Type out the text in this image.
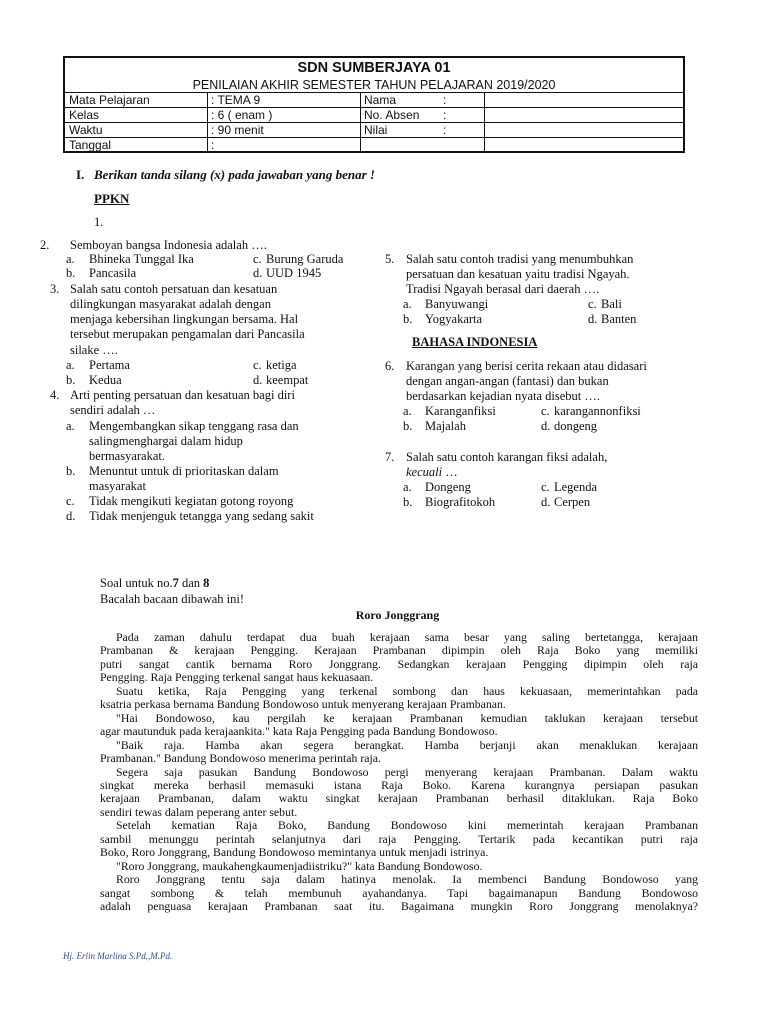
SDN SUMBERJAYA 01
PENILAIAN AKHIR SEMESTER TAHUN PELAJARAN 2019/2020
Mata Pelajaran	: TEMA 9	Nama	:
Kelas	: 6 ( enam )	No. Absen :
Waktu	: 90 menit	Nilai	:
Tanggal	:
I. Berikan tanda silang (x) pada jawaban yang benar !
PPKN
1.
2. Semboyan bangsa Indonesia adalah ….
a. Bhineka Tunggal Ika	c. Burung Garuda
b. Pancasila	d. UUD 1945
3. Salah satu contoh persatuan dan kesatuan
dilingkungan masyarakat adalah dengan
menjaga kebersihan lingkungan bersama. Hal
tersebut merupakan pengamalan dari Pancasila
silake ….
a. Pertama	c. ketiga
b. Kedua	d. keempat
4. Arti penting persatuan dan kesatuan bagi diri
sendiri adalah …
a. Mengembangkan sikap tenggang rasa dan
salingmenghargai dalam hidup
bermasyarakat.
b. Menuntut untuk di prioritaskan dalam
masyarakat
c. Tidak mengikuti kegiatan gotong royong
d. Tidak menjenguk tetangga yang sedang sakit
5. Salah satu contoh tradisi yang menumbuhkan
persatuan dan kesatuan yaitu tradisi Ngayah.
Tradisi Ngayah berasal dari daerah ….
a. Banyuwangi	c. Bali
b. Yogyakarta	d. Banten
BAHASA INDONESIA
6. Karangan yang berisi cerita rekaan atau didasari
dengan angan-angan (fantasi) dan bukan
berdasarkan kejadian nyata disebut ….
a. Karanganfiksi	c. karangannonfiksi
b. Majalah	d. dongeng
7. Salah satu contoh karangan fiksi adalah,
kecuali …
a. Dongeng	c. Legenda
b. Biografitokoh	d. Cerpen
Soal untuk no.7 dan 8
Bacalah bacaan dibawah ini!
Roro Jonggrang
Pada zaman dahulu terdapat dua buah kerajaan sama besar yang saling bertetangga, kerajaan
Prambanan & kerajaan Pengging. Kerajaan Prambanan dipimpin oleh Raja Boko yang memiliki
putri sangat cantik bernama Roro Jonggrang. Sedangkan kerajaan Pengging dipimpin oleh raja
Pengging. Raja Pengging terkenal sangat haus kekuasaan.
Suatu ketika, Raja Pengging yang terkenal sombong dan haus kekuasaan, memerintahkan pada
ksatria perkasa bernama Bandung Bondowoso untuk menyerang kerajaan Prambanan.
"Hai Bondowoso, kau pergilah ke kerajaan Prambanan kemudian taklukan kerajaan tersebut
agar mautunduk pada kerajaankita." kata Raja Pengging pada Bandung Bondowoso.
"Baik raja. Hamba akan segera berangkat. Hamba berjanji akan menaklukan kerajaan
Prambanan." Bandung Bondowoso menerima perintah raja.
Segera saja pasukan Bandung Bondowoso pergi menyerang kerajaan Prambanan. Dalam waktu
singkat mereka berhasil memasuki istana Raja Boko. Karena kurangnya persiapan pasukan
kerajaan Prambanan, dalam waktu singkat kerajaan Prambanan berhasil ditaklukan. Raja Boko
sendiri tewas dalam peperang anter sebut.
Setelah kematian Raja Boko, Bandung Bondowoso kini memerintah kerajaan Prambanan
sambil menunggu perintah selanjutnya dari raja Pengging. Tertarik pada kecantikan putri raja
Boko, Roro Jonggrang, Bandung Bondowoso memintanya untuk menjadi istrinya.
"Roro Jonggrang, maukahengkaumenjadiistriku?" kata Bandung Bondowoso.
Roro Jonggrang tentu saja dalam hatinya menolak. Ia membenci Bandung Bondowoso yang
sangat sombong & telah membunuh ayahandanya. Tapi bagaimanapun Bandung Bondowoso
adalah penguasa kerajaan Prambanan saat itu. Bagaimana mungkin Roro Jonggrang menolaknya?
Hj. Erlin Marlina S.Pd.,M.Pd.
